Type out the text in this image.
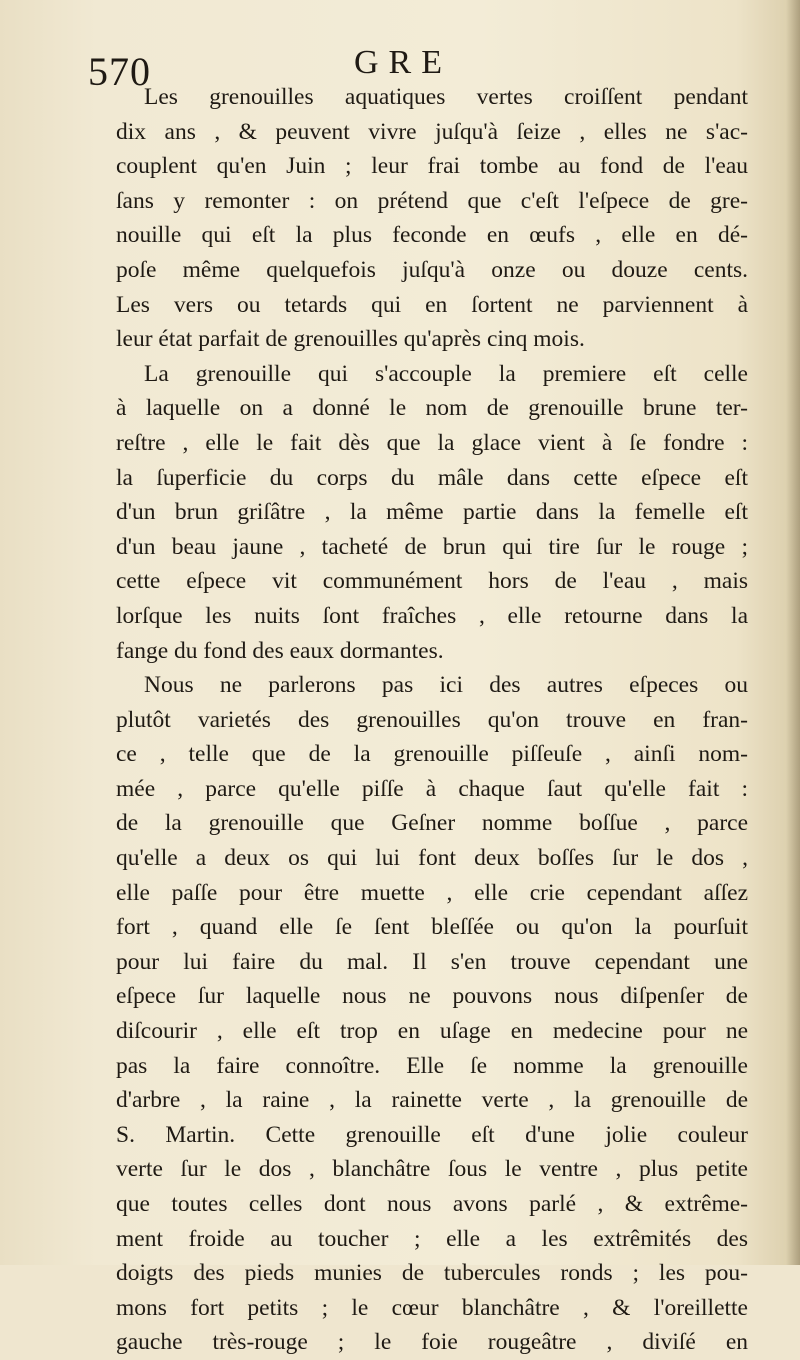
570	GRE
Les grenouilles aquatiques vertes croiſſent pendant
dix ans , & peuvent vivre juſqu'à ſeize , elles ne s'ac-
couplent qu'en Juin ; leur frai tombe au fond de l'eau
ſans y remonter : on prétend que c'eſt l'eſpece de gre-
nouille qui eſt la plus feconde en œufs , elle en dé-
poſe même quelquefois juſqu'à onze ou douze cents.
Les vers ou tetards qui en ſortent ne parviennent à
leur état parfait de grenouilles qu'après cinq mois.
La grenouille qui s'accouple la premiere eſt celle
à laquelle on a donné le nom de grenouille brune ter-
reſtre , elle le fait dès que la glace vient à ſe fondre :
la ſuperficie du corps du mâle dans cette eſpece eſt
d'un brun griſâtre , la même partie dans la femelle eſt
d'un beau jaune , tacheté de brun qui tire ſur le rouge ;
cette eſpece vit communément hors de l'eau , mais
lorſque les nuits ſont fraîches , elle retourne dans la
fange du fond des eaux dormantes.
Nous ne parlerons pas ici des autres eſpeces ou
plutôt varietés des grenouilles qu'on trouve en fran-
ce , telle que de la grenouille piſſeuſe , ainſi nom-
mée , parce qu'elle piſſe à chaque ſaut qu'elle fait :
de la grenouille que Geſner nomme boſſue , parce
qu'elle a deux os qui lui font deux boſſes ſur le dos ,
elle paſſe pour être muette , elle crie cependant aſſez
fort , quand elle ſe ſent bleſſée ou qu'on la pourſuit
pour lui faire du mal. Il s'en trouve cependant une
eſpece ſur laquelle nous ne pouvons nous diſpenſer de
diſcourir , elle eſt trop en uſage en medecine pour ne
pas la faire connoître. Elle ſe nomme la grenouille
d'arbre , la raine , la rainette verte , la grenouille de
S. Martin. Cette grenouille eſt d'une jolie couleur
verte ſur le dos , blanchâtre ſous le ventre , plus petite
que toutes celles dont nous avons parlé , & extrême-
ment froide au toucher ; elle a les extrêmités des
doigts des pieds munies de tubercules ronds ; les pou-
mons fort petits ; le cœur blanchâtre , & l'oreillette
gauche très-rouge ; le foie rougeâtre , diviſé en
